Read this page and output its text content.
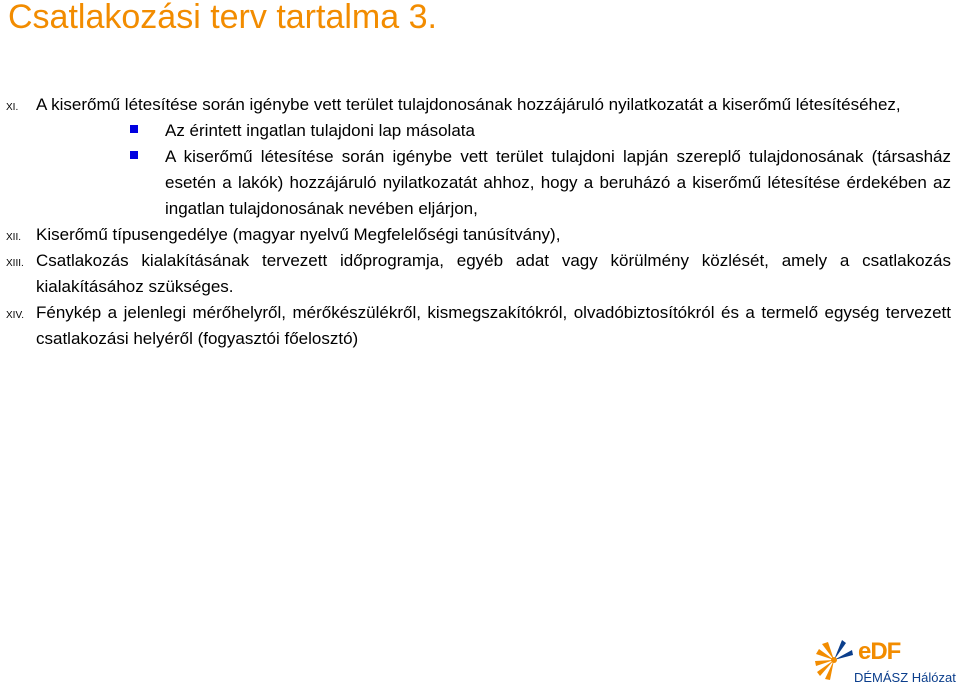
Csatlakozási terv tartalma 3.
XI. A kiserőmű létesítése során igénybe vett terület tulajdonosának hozzájáruló nyilatkozatát a kiserőmű létesítéséhez,
Az érintett ingatlan tulajdoni lap másolata
A kiserőmű létesítése során igénybe vett terület tulajdoni lapján szereplő tulajdonosának (társasház esetén a lakók) hozzájáruló nyilatkozatát ahhoz, hogy a beruházó a kiserőmű létesítése érdekében az ingatlan tulajdonosának nevében eljárjon,
XII. Kiserőmű típusengedélye (magyar nyelvű Megfelelőségi tanúsítvány),
XIII. Csatlakozás kialakításának tervezett időprogramja, egyéb adat vagy körülmény közlését, amely a csatlakozás kialakításához szükséges.
XIV. Fénykép a jelenlegi mérőhelyről, mérőkészülékről, kismegszakítókról, olvadóbiztosítókról és a termelő egység tervezett csatlakozási helyéről (fogyasztói főelosztó)
eDF
DÉMÁSZ Hálózat
